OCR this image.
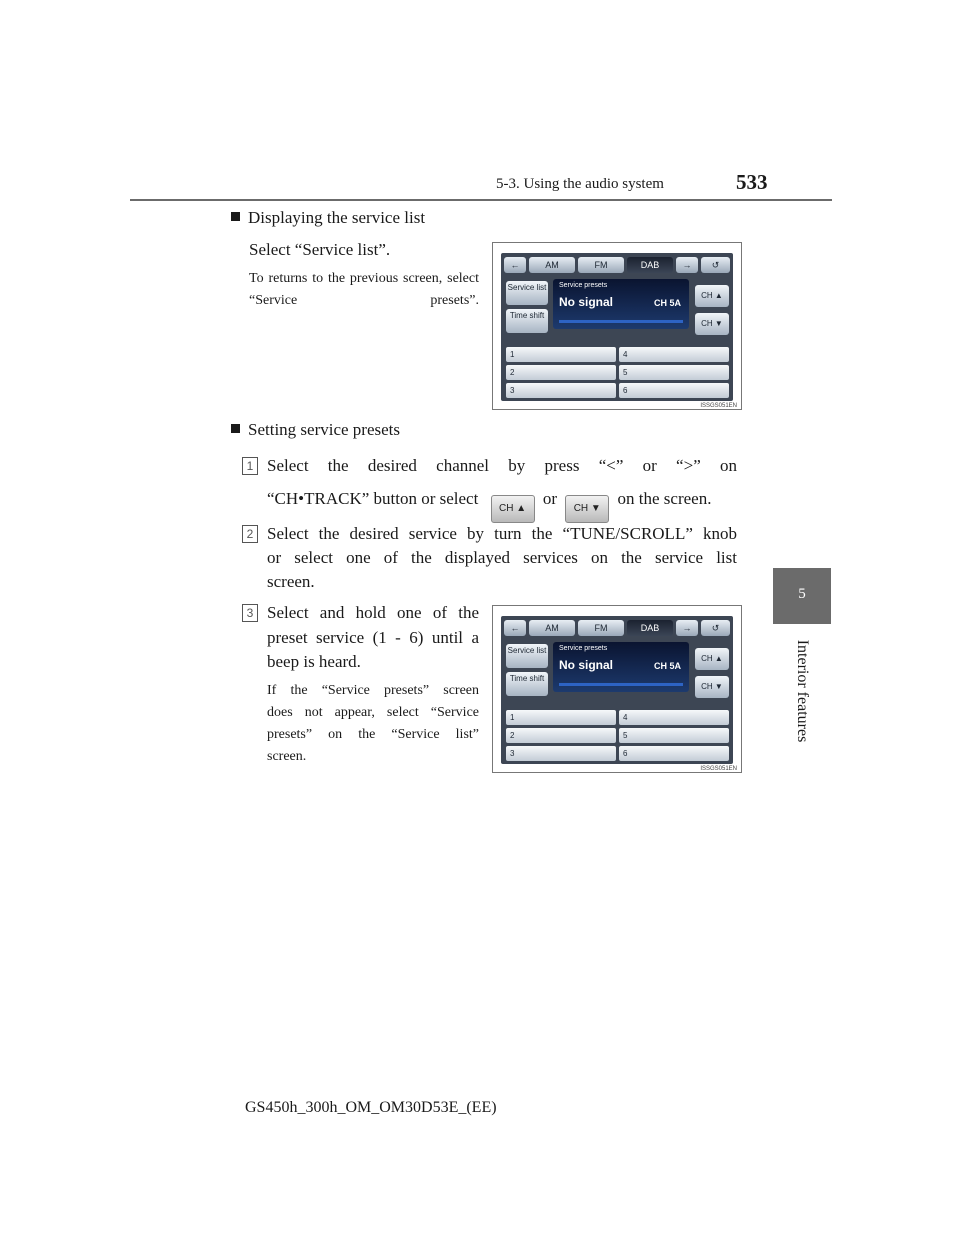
5-3. Using the audio system	533
5
Interior features
Displaying the service list
Select “Service list”.
To returns to the previous screen, select “Service presets”.
←	AM	FM	DAB	→	↺
Service list
Time shift
Service presets
No signal	CH 5A
CH ▲
CH ▼
1
2
3
4
5
6
ISSGS051EN
Setting service presets
1 Select the desired channel by press “<” or “>” on
“CH•TRACK” button or select CH ▲ or CH ▼ on the screen.
2 Select the desired service by turn the “TUNE/SCROLL” knob
or select one of the displayed services on the service list
screen.
3 Select and hold one of the
preset service (1 - 6) until a
beep is heard.
If the “Service presets” screen
does not appear, select “Service
presets” on the “Service list”
screen.
←	AM	FM	DAB	→	↺
Service list
Time shift
Service presets
No signal	CH 5A
CH ▲
CH ▼
1
2
3
4
5
6
ISSGS051EN
GS450h_300h_OM_OM30D53E_(EE)
